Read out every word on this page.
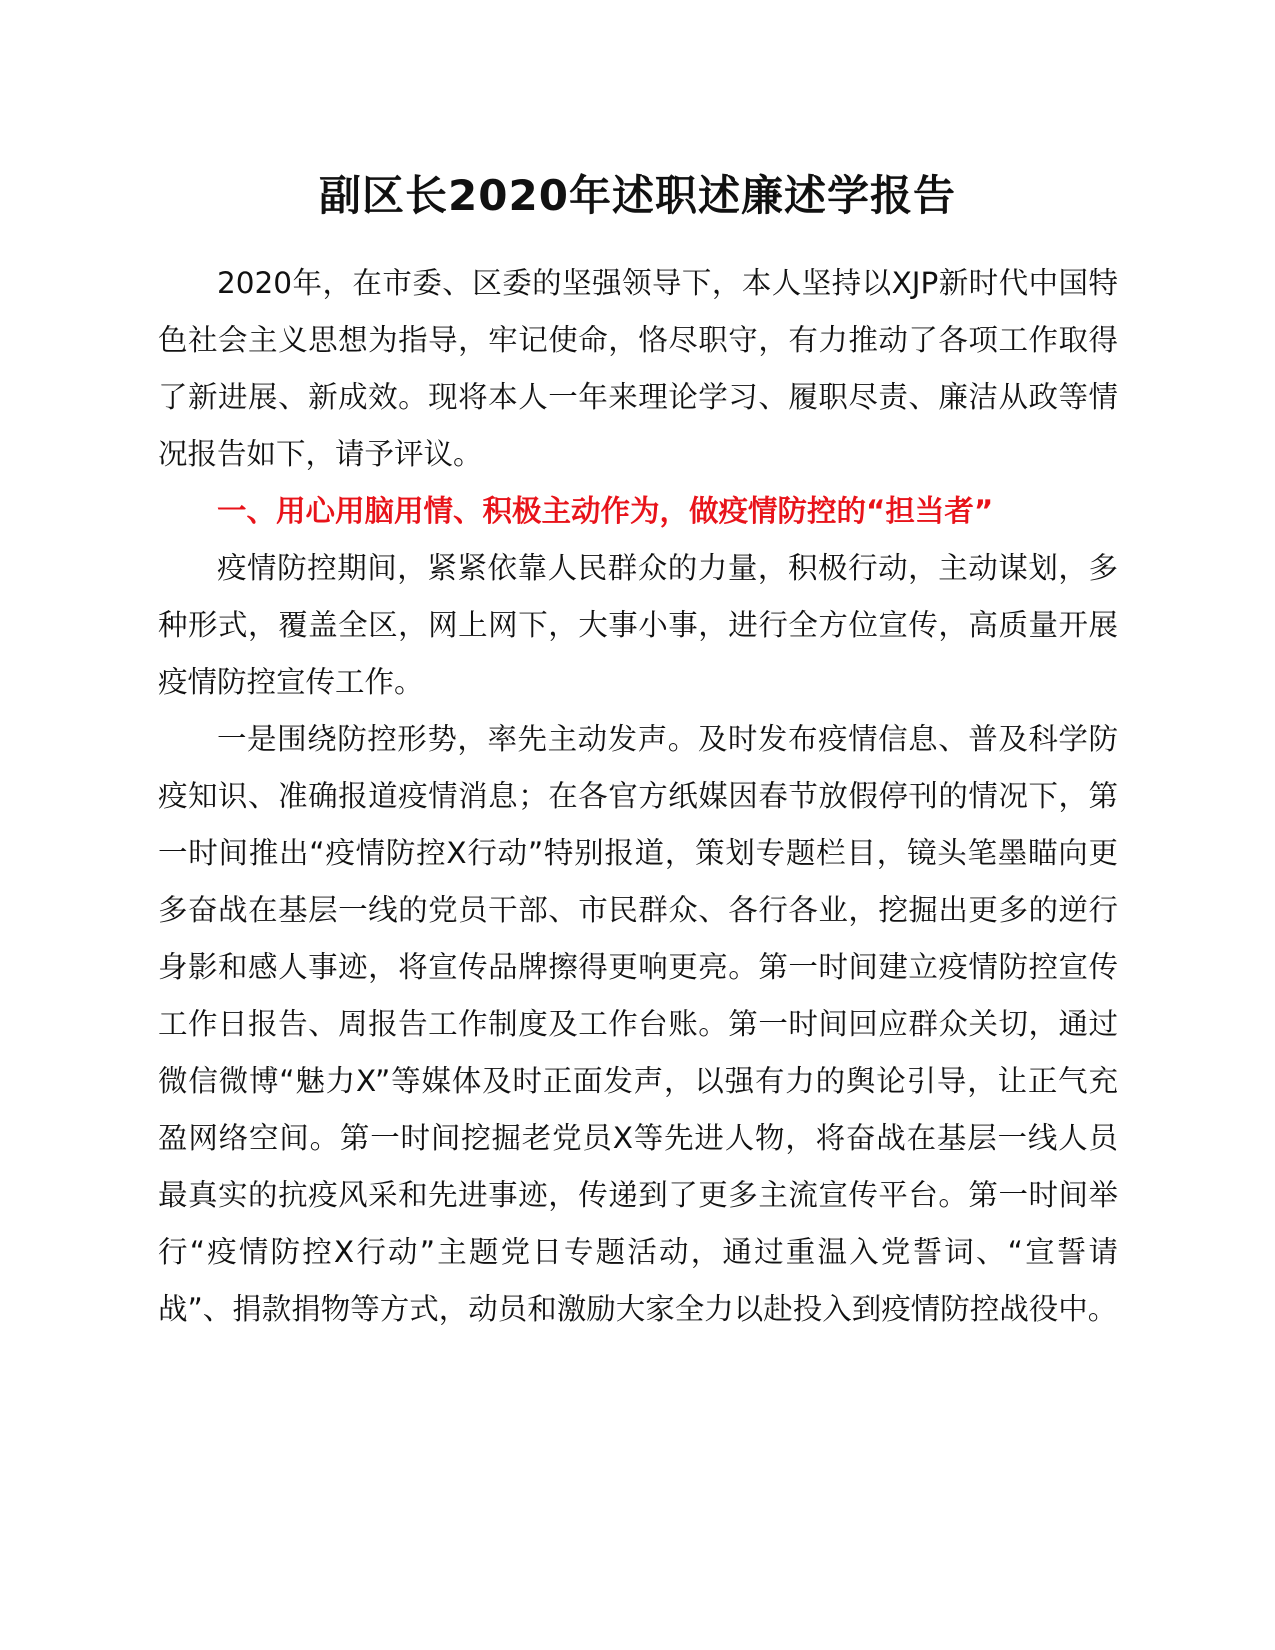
副区长2020年述职述廉述学报告

2020年，在市委、区委的坚强领导下，本人坚持以XJP新时代中国特色社会主义思想为指导，牢记使命，恪尽职守，有力推动了各项工作取得了新进展、新成效。现将本人一年来理论学习、履职尽责、廉洁从政等情况报告如下，请予评议。

一、用心用脑用情、积极主动作为，做疫情防控的“担当者”

疫情防控期间，紧紧依靠人民群众的力量，积极行动，主动谋划，多种形式，覆盖全区，网上网下，大事小事，进行全方位宣传，高质量开展疫情防控宣传工作。

一是围绕防控形势，率先主动发声。及时发布疫情信息、普及科学防疫知识、准确报道疫情消息；在各官方纸媒因春节放假停刊的情况下，第一时间推出“疫情防控X行动”特别报道，策划专题栏目，镜头笔墨瞄向更多奋战在基层一线的党员干部、市民群众、各行各业，挖掘出更多的逆行身影和感人事迹，将宣传品牌擦得更响更亮。第一时间建立疫情防控宣传工作日报告、周报告工作制度及工作台账。第一时间回应群众关切，通过微信微博“魅力X”等媒体及时正面发声，以强有力的舆论引导，让正气充盈网络空间。第一时间挖掘老党员X等先进人物，将奋战在基层一线人员最真实的抗疫风采和先进事迹，传递到了更多主流宣传平台。第一时间举行“疫情防控X行动”主题党日专题活动，通过重温入党誓词、“宣誓请战”、捐款捐物等方式，动员和激励大家全力以赴投入到疫情防控战役中。
